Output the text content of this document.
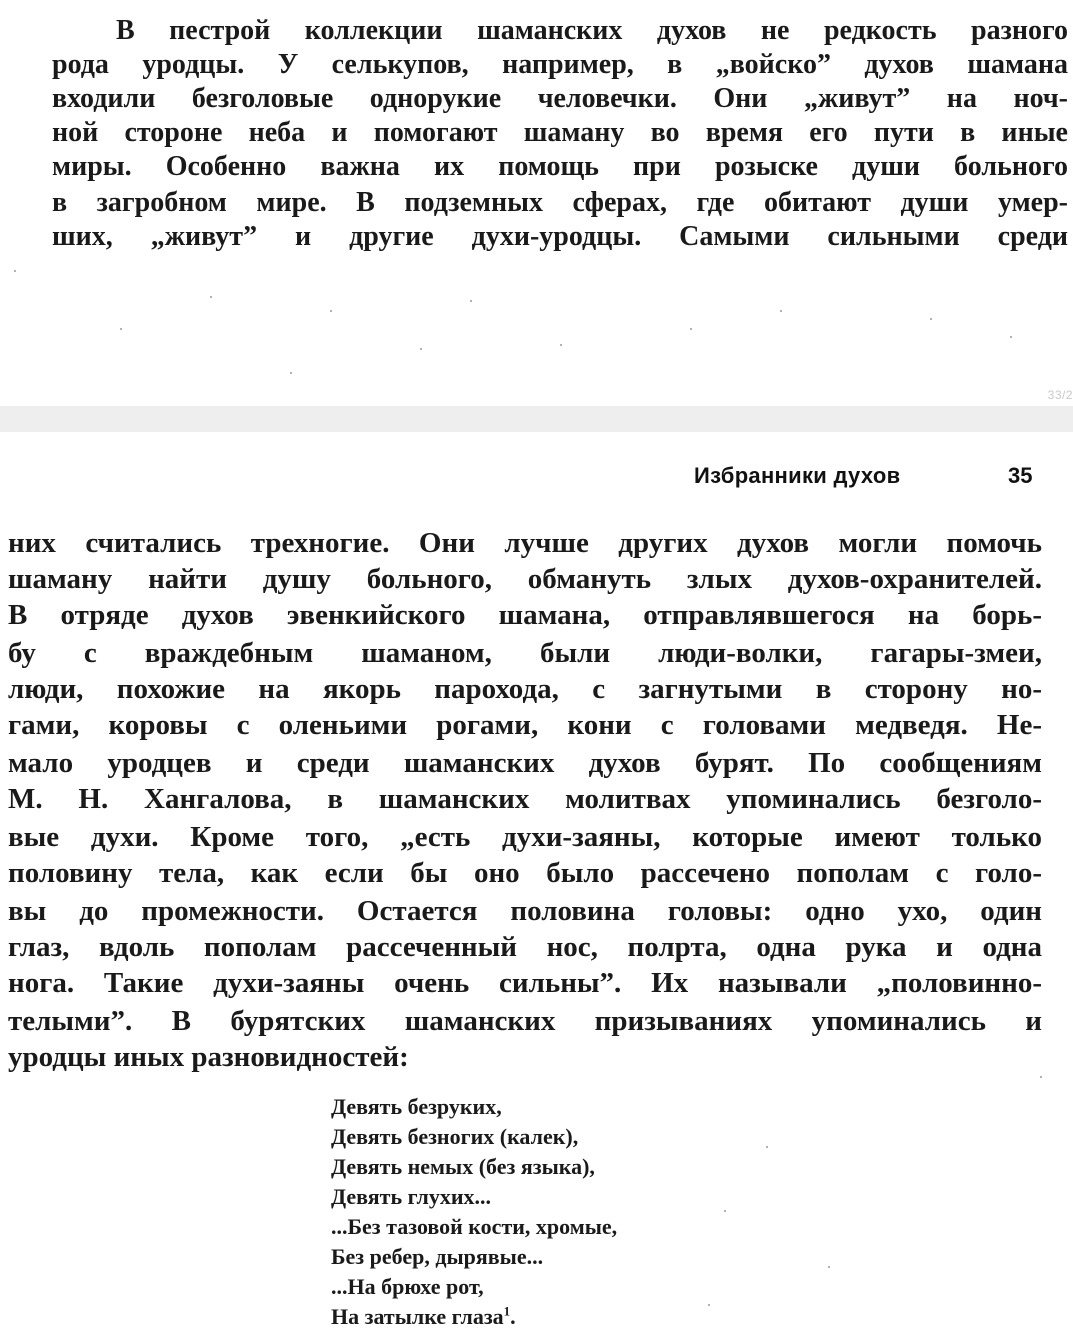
В пестрой коллекции шаманских духов не редкость разного
рода уродцы. У селькупов, например, в „войско” духов шамана
входили безголовые однорукие человечки. Они „живут” на ноч-
ной стороне неба и помогают шаману во время его пути в иные
миры. Особенно важна их помощь при розыске души больного
в загробном мире. В подземных сферах, где обитают души умер-
ших, „живут” и другие духи-уродцы. Самыми сильными среди
33/2
Избранники духов	35
них считались трехногие. Они лучше других духов могли помочь
шаману найти душу больного, обмануть злых духов-охранителей.
В отряде духов эвенкийского шамана, отправлявшегося на борь-
бу с враждебным шаманом, были люди-волки, гагары-змеи,
люди, похожие на якорь парохода, с загнутыми в сторону но-
гами, коровы с оленьими рогами, кони с головами медведя. Не-
мало уродцев и среди шаманских духов бурят. По сообщениям
М. Н. Хангалова, в шаманских молитвах упоминались безголо-
вые духи. Кроме того, „есть духи-заяны, которые имеют только
половину тела, как если бы оно было рассечено пополам с голо-
вы до промежности. Остается половина головы: одно ухо, один
глаз, вдоль пополам рассеченный нос, полрта, одна рука и одна
нога. Такие духи-заяны очень сильны”. Их называли „половинно-
телыми”. В бурятских шаманских призываниях упоминались и
уродцы иных разновидностей:
Девять безруких,
Девять безногих (калек),
Девять немых (без языка),
Девять глухих...
...Без тазовой кости, хромые,
Без ребер, дырявые...
...На брюхе рот,
На затылке глаза$^1$.
